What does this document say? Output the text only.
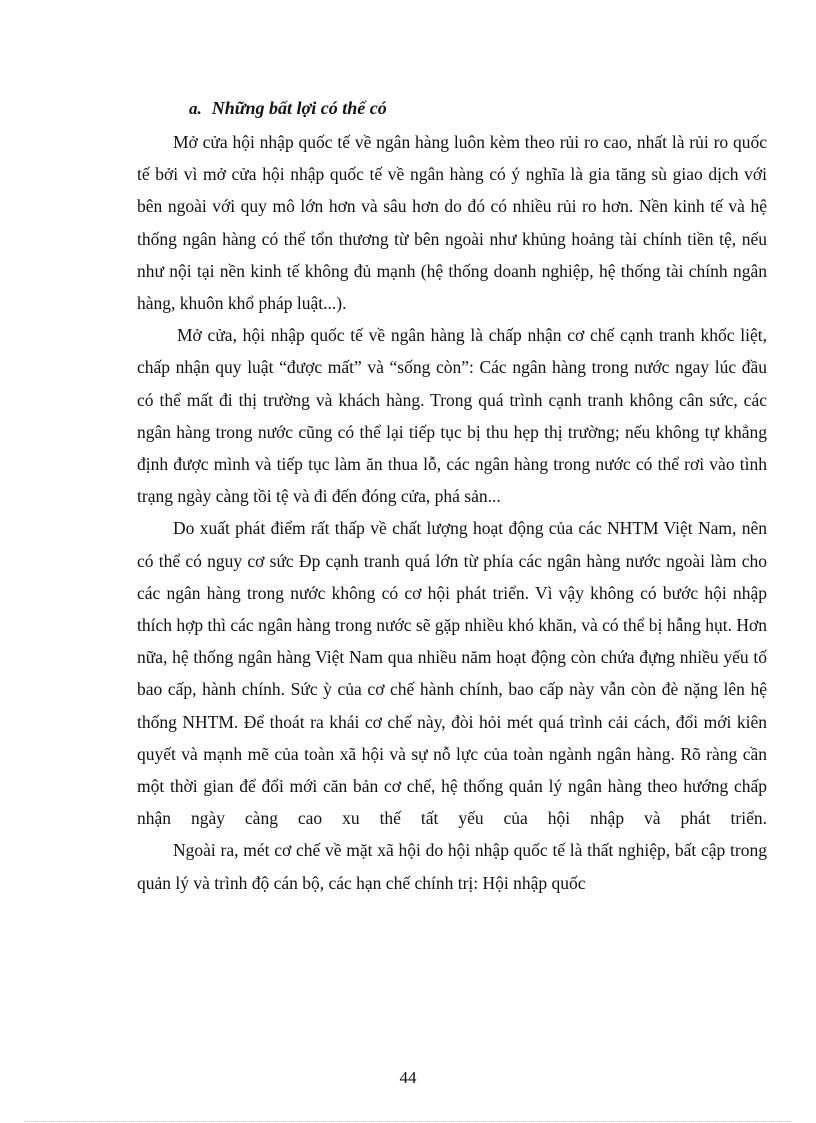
a. Những bất lợi có thể có

Mở cửa hội nhập quốc tế về ngân hàng luôn kèm theo rủi ro cao, nhất là rủi ro quốc tế bởi vì mở cửa hội nhập quốc tế về ngân hàng có ý nghĩa là gia tăng sù giao dịch với bên ngoài với quy mô lớn hơn và sâu hơn do đó có nhiều rủi ro hơn. Nền kinh tế và hệ thống ngân hàng có thể tổn thương từ bên ngoài như khủng hoảng tài chính tiền tệ, nếu như nội tại nền kinh tế không đủ mạnh (hệ thống doanh nghiệp, hệ thống tài chính ngân hàng, khuôn khổ pháp luật...).

Mở cửa, hội nhập quốc tế về ngân hàng là chấp nhận cơ chế cạnh tranh khốc liệt, chấp nhận quy luật “được mất” và “sống còn”: Các ngân hàng trong nước ngay lúc đầu có thể mất đi thị trường và khách hàng. Trong quá trình cạnh tranh không cân sức, các ngân hàng trong nước cũng có thể lại tiếp tục bị thu hẹp thị trường; nếu không tự khẳng định được mình và tiếp tục làm ăn thua lỗ, các ngân hàng trong nước có thể rơi vào tình trạng ngày càng tồi tệ và đi đến đóng cửa, phá sản...

Do xuất phát điểm rất thấp về chất lượng hoạt động của các NHTM Việt Nam, nên có thể có nguy cơ sức Đp cạnh tranh quá lớn từ phía các ngân hàng nước ngoài làm cho các ngân hàng trong nước không có cơ hội phát triển. Vì vậy không có bước hội nhập thích hợp thì các ngân hàng trong nước sẽ gặp nhiều khó khăn, và có thể bị hẫng hụt. Hơn nữa, hệ thống ngân hàng Việt Nam qua nhiều năm hoạt động còn chứa đựng nhiều yếu tố bao cấp, hành chính. Sức ỳ của cơ chế hành chính, bao cấp này vẫn còn đè nặng lên hệ thống NHTM. Để thoát ra khái cơ chế này, đòi hỏi mét quá trình cải cách, đổi mới kiên quyết và mạnh mẽ của toàn xã hội và sự nỗ lực của toàn ngành ngân hàng. Rõ ràng cần một thời gian để đổi mới căn bản cơ chế, hệ thống quản lý ngân hàng theo hướng chấp nhận ngày càng cao xu thế tất yếu của hội nhập và phát triển.

Ngoài ra, mét cơ chế về mặt xã hội do hội nhập quốc tế là thất nghiệp, bất cập trong quản lý và trình độ cán bộ, các hạn chế chính trị: Hội nhập quốc

44
